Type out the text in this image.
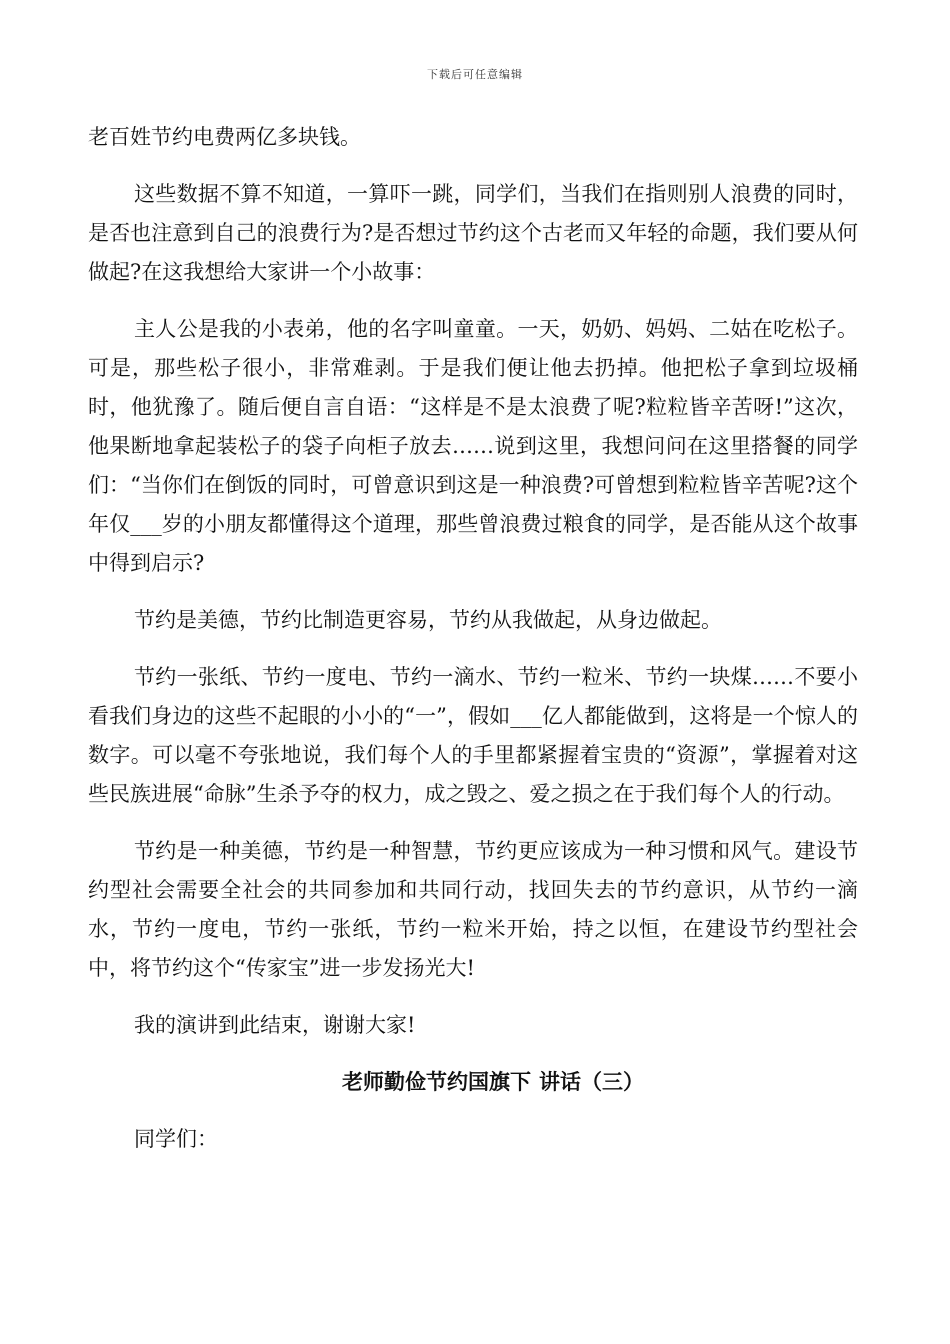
下载后可任意编辑

老百姓节约电费两亿多块钱。

这些数据不算不知道，一算吓一跳，同学们，当我们在指则别人浪费的同时，是否也注意到自己的浪费行为?是否想过节约这个古老而又年轻的命题，我们要从何做起?在这我想给大家讲一个小故事：

主人公是我的小表弟，他的名字叫童童。一天，奶奶、妈妈、二姑在吃松子。可是，那些松子很小，非常难剥。于是我们便让他去扔掉。他把松子拿到垃圾桶时，他犹豫了。随后便自言自语：“这样是不是太浪费了呢?粒粒皆辛苦呀!”这次，他果断地拿起装松子的袋子向柜子放去……说到这里，我想问问在这里搭餐的同学们：“当你们在倒饭的同时，可曾意识到这是一种浪费?可曾想到粒粒皆辛苦呢?这个年仅___岁的小朋友都懂得这个道理，那些曾浪费过粮食的同学，是否能从这个故事中得到启示?

节约是美德，节约比制造更容易，节约从我做起，从身边做起。

节约一张纸、节约一度电、节约一滴水、节约一粒米、节约一块煤……不要小看我们身边的这些不起眼的小小的“一”，假如___亿人都能做到，这将是一个惊人的数字。可以毫不夸张地说，我们每个人的手里都紧握着宝贵的“资源”，掌握着对这些民族进展“命脉”生杀予夺的权力，成之毁之、爱之损之在于我们每个人的行动。

节约是一种美德，节约是一种智慧，节约更应该成为一种习惯和风气。建设节约型社会需要全社会的共同参加和共同行动，找回失去的节约意识，从节约一滴水，节约一度电，节约一张纸，节约一粒米开始，持之以恒，在建设节约型社会中，将节约这个“传家宝”进一步发扬光大!

我的演讲到此结束，谢谢大家!

老师勤俭节约国旗下 讲话（三）

同学们：
